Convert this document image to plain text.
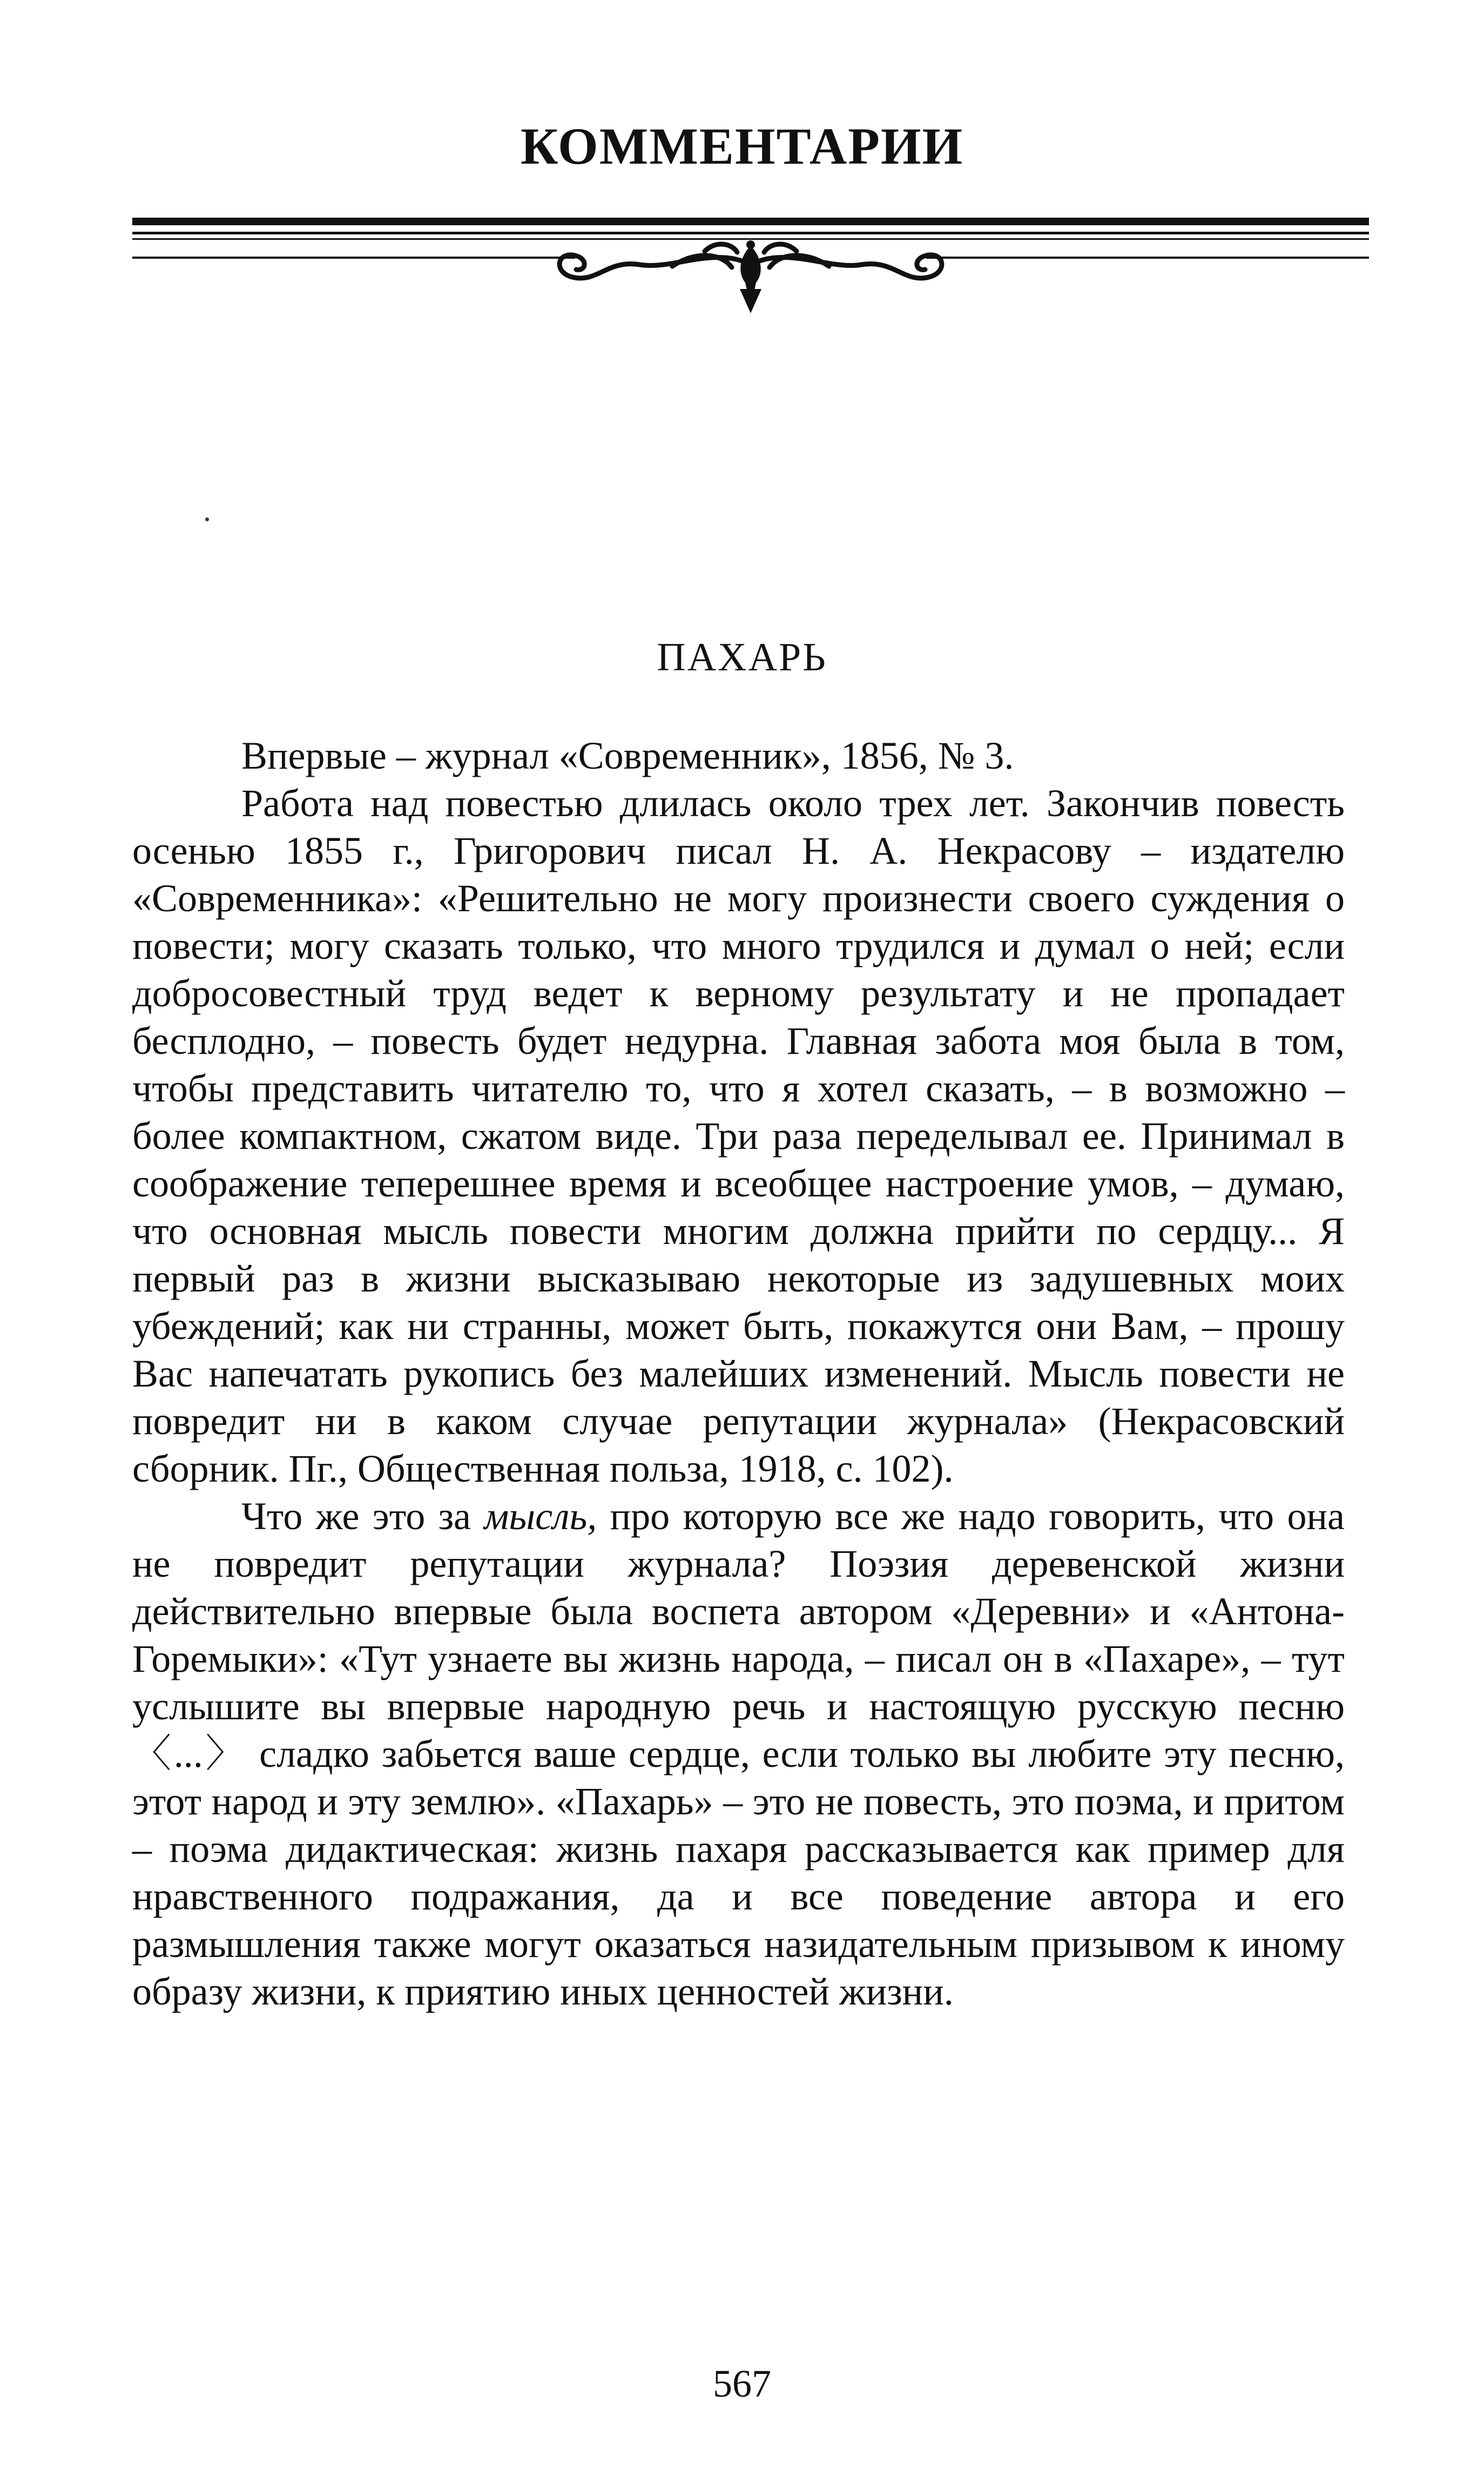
КОММЕНТАРИИ
ПАХАРЬ

Впервые – журнал «Современник», 1856, № 3.

Работа над повестью длилась около трех лет. Закончив повесть осенью 1855 г., Григорович писал Н. А. Некрасову – издателю «Современника»: «Решительно не могу произнести своего суждения о повести; могу сказать только, что много трудился и думал о ней; если добросовестный труд ведет к верному результату и не пропадает бесплодно, – повесть будет недурна. Главная забота моя была в том, чтобы представить читателю то, что я хотел сказать, – в возможно – более компактном, сжатом виде. Три раза переделывал ее. Принимал в соображение теперешнее время и всеобщее настроение умов, – думаю, что основная мысль повести многим должна прийти по сердцу... Я первый раз в жизни высказываю некоторые из задушевных моих убеждений; как ни странны, может быть, покажутся они Вам, – прошу Вас напечатать рукопись без малейших изменений. Мысль повести не повредит ни в каком случае репутации журнала» (Некрасовский сборник. Пг., Общественная польза, 1918, с. 102).

Что же это за мысль, про которую все же надо говорить, что она не повредит репутации журнала? Поэзия деревенской жизни действительно впервые была воспета автором «Деревни» и «Антона-Горемыки»: «Тут узнаете вы жизнь народа, – писал он в «Пахаре», – тут услышите вы впервые народную речь и настоящую русскую песню 〈...〉 сладко забьется ваше сердце, если только вы любите эту песню, этот народ и эту землю». «Пахарь» – это не повесть, это поэма, и притом – поэма дидактическая: жизнь пахаря рассказывается как пример для нравственного подражания, да и все поведение автора и его размышления также могут оказаться назидательным призывом к иному образу жизни, к приятию иных ценностей жизни.

567
